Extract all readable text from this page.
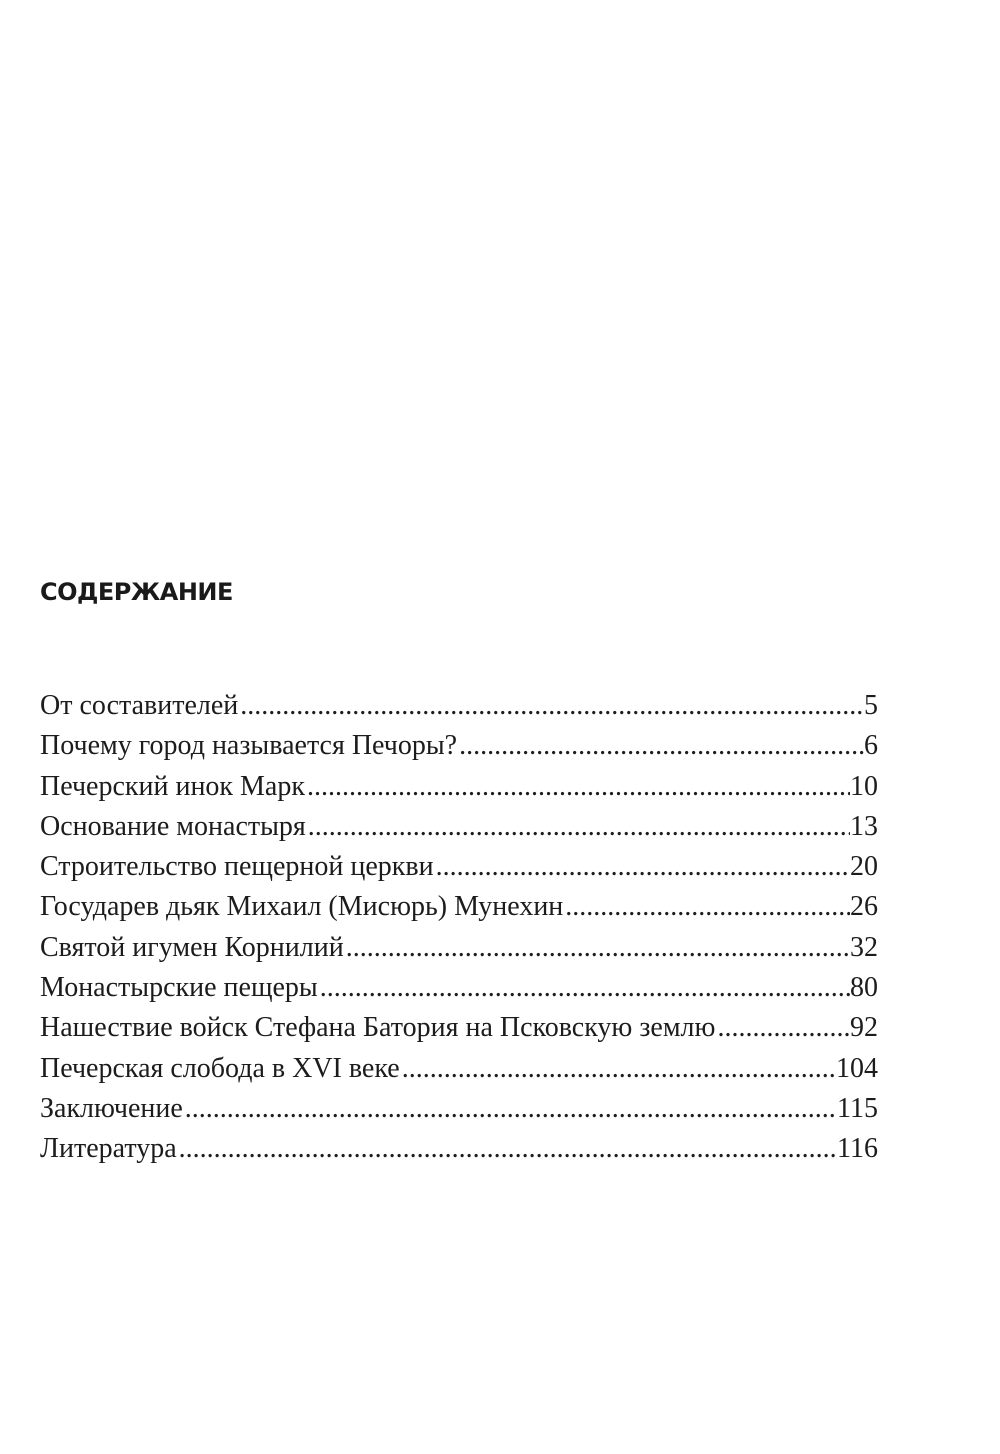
СОДЕРЖАНИЕ
От составителей . . .	5
Почему город называется Печоры? . . .	6
Печерский инок Марк . . .	10
Основание монастыря . . .	13
Строительство пещерной церкви . . .	20
Государев дьяк Михаил (Мисюрь) Мунехин . . .	26
Святой игумен Корнилий . . .	32
Монастырские пещеры . . .	80
Нашествие войск Стефана Батория на Псковскую землю . . .	92
Печерская слобода в XVI веке . . .	104
Заключение . . .	115
Литература . . .	116
